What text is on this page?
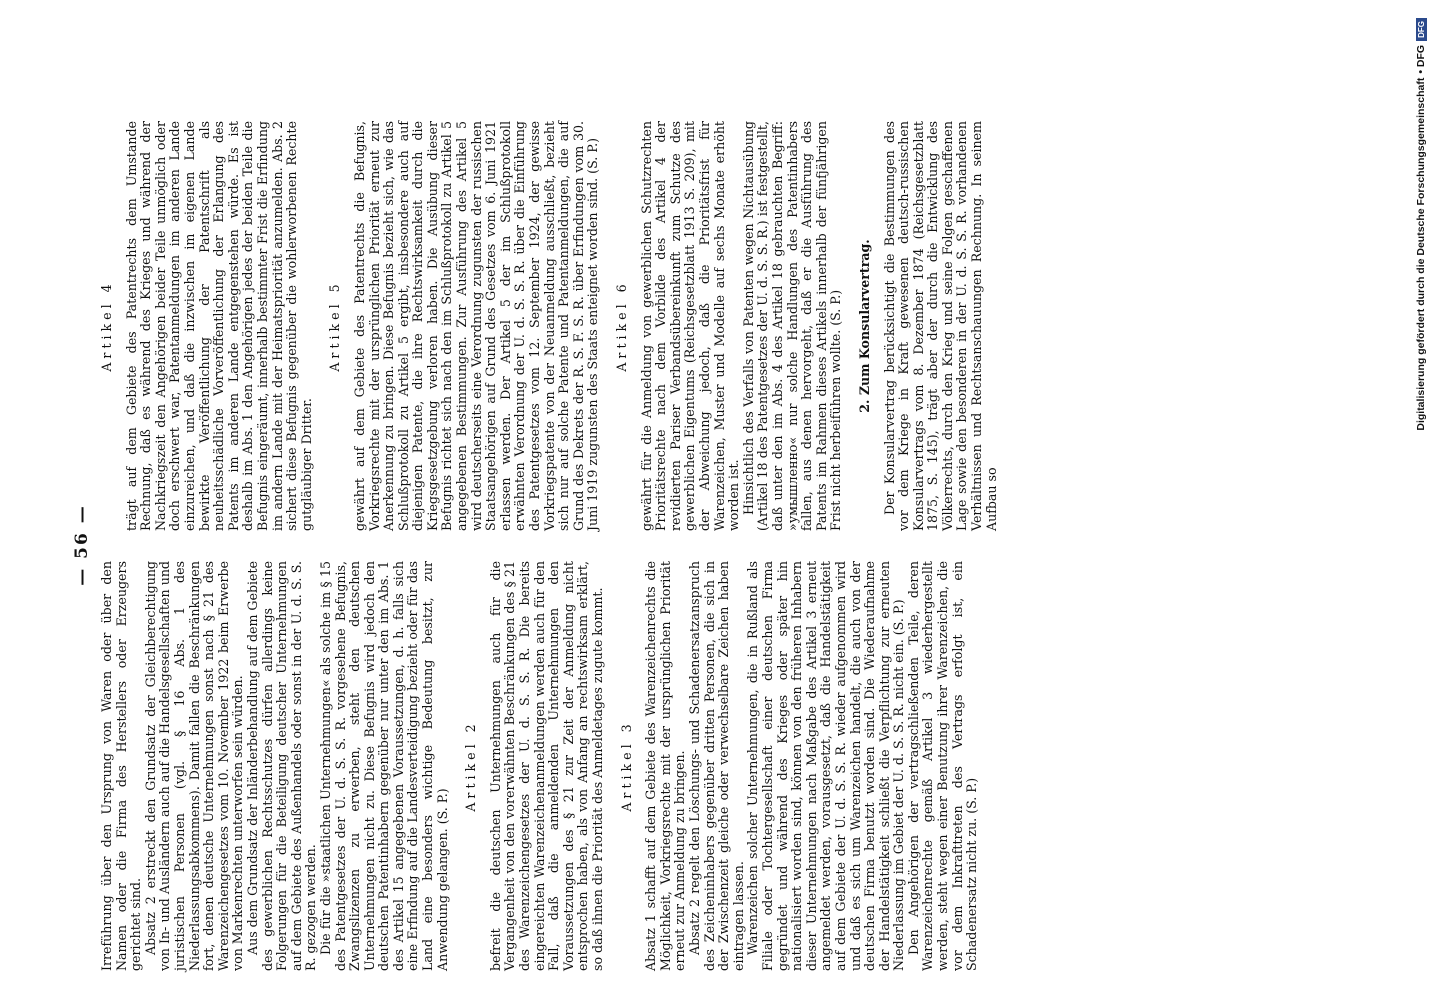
— 56 —

Irreführung über den Ursprung von Waren oder über den Namen oder die Firma des Herstellers oder Erzeugers gerichtet sind. Absatz 2 erstreckt den Grundsatz der Gleichberechtigung von In- und Ausländern auch auf die Handelsgesellschaften und juristischen Personen (vgl. § 16 Abs. 1 des Niederlassungsabkommens). Damit fallen die Beschränkungen fort, denen deutsche Unternehmungen sonst nach § 21 des Warenzeichengesetzes vom 10. November 1922 beim Erwerbe von Markenrechten unterworfen sein würden. Aus dem Grundsatz der Inländerbehandlung auf dem Gebiete des gewerblichen Rechtsschutzes dürfen allerdings keine Folgerungen für die Beteiligung deutscher Unternehmungen auf dem Gebiete des Außenhandels oder sonst in der U. d. S. S. R. gezogen werden. Die für die »staatlichen Unternehmungen« als solche im § 15 des Patentgesetzes der U. d. S. S. R. vorgesehene Befugnis, Zwangslizenzen zu erwerben, steht den deutschen Unternehmungen nicht zu. Diese Befugnis wird jedoch den deutschen Patentinhabern gegenüber nur unter den im Abs. 1 des Artikel 15 angegebenen Voraussetzungen, d. h. falls sich eine Erfindung auf die Landesverteidigung bezieht oder für das Land eine besonders wichtige Bedeutung besitzt, zur Anwendung gelangen. (S. P.)

Artikel 2 befreit die deutschen Unternehmungen auch für die Vergangenheit von den vorerwähnten Beschränkungen des § 21 des Warenzeichengesetzes der U. d. S. S. R. Die bereits eingereichten Warenzeichenanmeldungen werden auch für den Fall, daß die anmeldenden Unternehmungen den Voraussetzungen des § 21 zur Zeit der Anmeldung nicht entsprochen haben, als von Anfang an rechtswirksam erklärt, so daß ihnen die Priorität des Anmeldetages zugute kommt. Artikel 3 Absatz 1 schafft auf dem Gebiete des Warenzeichenrechts die Möglichkeit, Vorkriegsrechte mit der ursprünglichen Priorität erneut zur Anmeldung zu bringen. Absatz 2 regelt den Löschungs- und Schadenersatzanspruch des Zeicheninhabers gegenüber dritten Personen, die sich in der Zwischenzeit gleiche oder verwechselbare Zeichen haben eintragen lassen. Warenzeichen solcher Unternehmungen, die in Rußland als Filiale oder Tochtergesellschaft einer deutschen Firma gegründet und während des Krieges oder später hin nationalisiert worden sind, können von den früheren Inhabern dieser Unternehmungen nach Maßgabe des Artikel 3 erneut angemeldet werden, vorausgesetzt, daß die Handelstätigkeit auf dem Gebiete der U. d. S. S. R. wieder aufgenommen wird und daß es sich um Warenzeichen handelt, die auch von der deutschen Firma benutzt worden sind. Die Wiederaufnahme der Handelstätigkeit schließt die Verpflichtung zur erneuten Niederlassung im Gebiet der U. d. S. S. R. nicht ein. (S. P.) Den Angehörigen der vertragschließenden Teile, deren Warenzeichenrechte gemäß Artikel 3 wiederhergestellt werden, steht wegen einer Benutzung ihrer Warenzeichen, die vor dem Inkrafttreten des Vertrags erfolgt ist, ein Schadenersatz nicht zu. (S. P.)

Artikel 4 trägt auf dem Gebiete des Patentrechts dem Umstande Rechnung, daß es während des Krieges und während der Nachkriegszeit den Angehörigen beider Teile unmöglich oder doch erschwert war, Patentanmeldungen im anderen Lande einzureichen, und daß die inzwischen im eigenen Lande bewirkte Veröffentlichung der Patentschrift als neuheitsschädliche Vorveröffentlichung der Erlangung des Patents im anderen Lande entgegenstehen würde. Es ist deshalb im Abs. 1 den Angehörigen jedes der beiden Teile die Befugnis eingeräumt, innerhalb bestimmter Frist die Erfindung im andern Lande mit der Heimatspriorität anzumelden. Abs. 2 sichert diese Befugnis gegenüber die wohlerworbenen Rechte gutgläubiger Dritter.

Artikel 5 gewährt auf dem Gebiete des Patentrechts die Befugnis, Vorkriegsrechte mit der ursprünglichen Priorität erneut zur Anerkennung zu bringen. Diese Befugnis bezieht sich, wie das Schlußprotokoll zu Artikel 5 ergibt, insbesondere auch auf diejenigen Patente, die ihre Rechtswirksamkeit durch die Kriegsgesetzgebung verloren haben. Die Ausübung dieser Befugnis richtet sich nach den im Schlußprotokoll zu Artikel 5 angegebenen Bestimmungen. Zur Ausführung des Artikel 5 wird deutscherseits eine Verordnung zugunsten der russischen Staatsangehörigen auf Grund des Gesetzes vom 6. Juni 1921 erlassen werden. Der Artikel 5 der im Schlußprotokoll erwähnten Verordnung der U. d. S. S. R. über die Einführung des Patentgesetzes vom 12. September 1924, der gewisse Vorkriegspatente von der Neuanmeldung ausschließt, bezieht sich nur auf solche Patente und Patentanmeldungen, die auf Grund des Dekrets der R. S. F. S. R. über Erfindungen vom 30. Juni 1919 zugunsten des Staats enteignet worden sind. (S. P.) Artikel 6 gewährt für die Anmeldung von gewerblichen Schutzrechten Prioritätsrechte nach dem Vorbilde des Artikel 4 der revidierten Pariser Verbandsübereinkunft zum Schutze des gewerblichen Eigentums (Reichsgesetzblatt 1913 S. 209), mit der Abweichung jedoch, daß die Prioritätsfrist für Warenzeichen, Muster und Modelle auf sechs Monate erhöht worden ist. Hinsichtlich des Verfalls von Patenten wegen Nichtausübung (Artikel 18 des Patentgesetzes der U. d. S. S. R.) ist festgestellt, daß unter den im Abs. 4 des Artikel 18 gebrauchten Begriff: »умышленно« nur solche Handlungen des Patentinhabers fallen, aus denen hervorgeht, daß er die Ausführung des Patents im Rahmen dieses Artikels innerhalb der fünfjährigen Frist nicht herbeiführen wollte. (S. P.) 2. Zum Konsularvertrag. Der Konsularvertrag berücksichtigt die Bestimmungen des vor dem Kriege in Kraft gewesenen deutsch-russischen Konsularvertrags vom 8. Dezember 1874 (Reichsgesetzblatt 1875, S. 145), trägt aber der durch die Entwicklung des Völkerrechts, durch den Krieg und seine Folgen geschaffenen Lage sowie den besonderen in der U. d. S. S. R. vorhandenen Verhältnissen und Rechtsanschauungen Rechnung. In seinem Aufbau so

Digitalisierung gefördert durch die Deutsche Forschungsgemeinschaft
• DFG
DFG
